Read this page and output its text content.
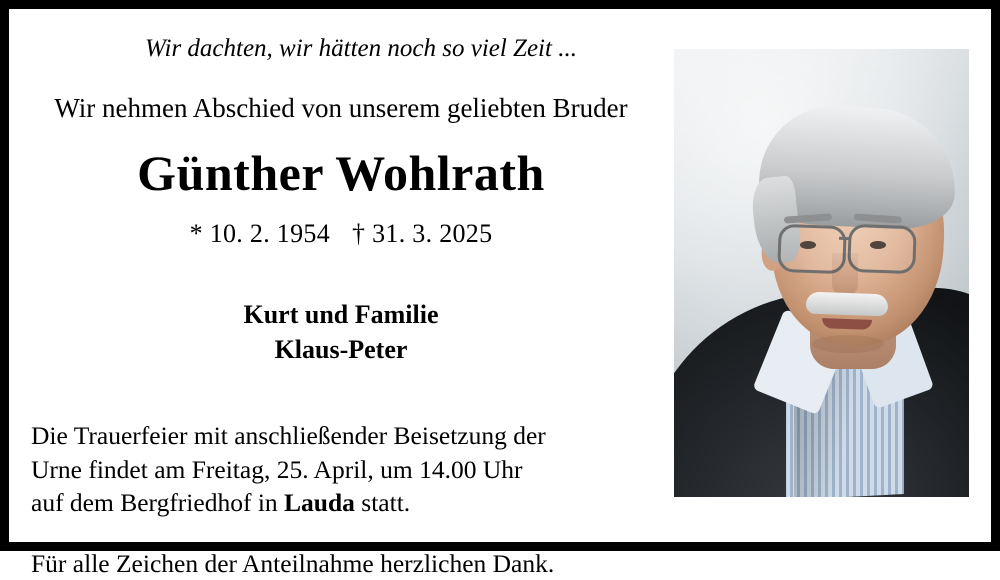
Wir dachten, wir hätten noch so viel Zeit ...
Wir nehmen Abschied von unserem geliebten Bruder
Günther Wohlrath
* 10. 2. 1954 † 31. 3. 2025
Kurt und Familie
Klaus-Peter
Die Trauerfeier mit anschließender Beisetzung der
Urne findet am Freitag, 25. April, um 14.00 Uhr
auf dem Bergfriedhof in Lauda statt.
Für alle Zeichen der Anteilnahme herzlichen Dank.
